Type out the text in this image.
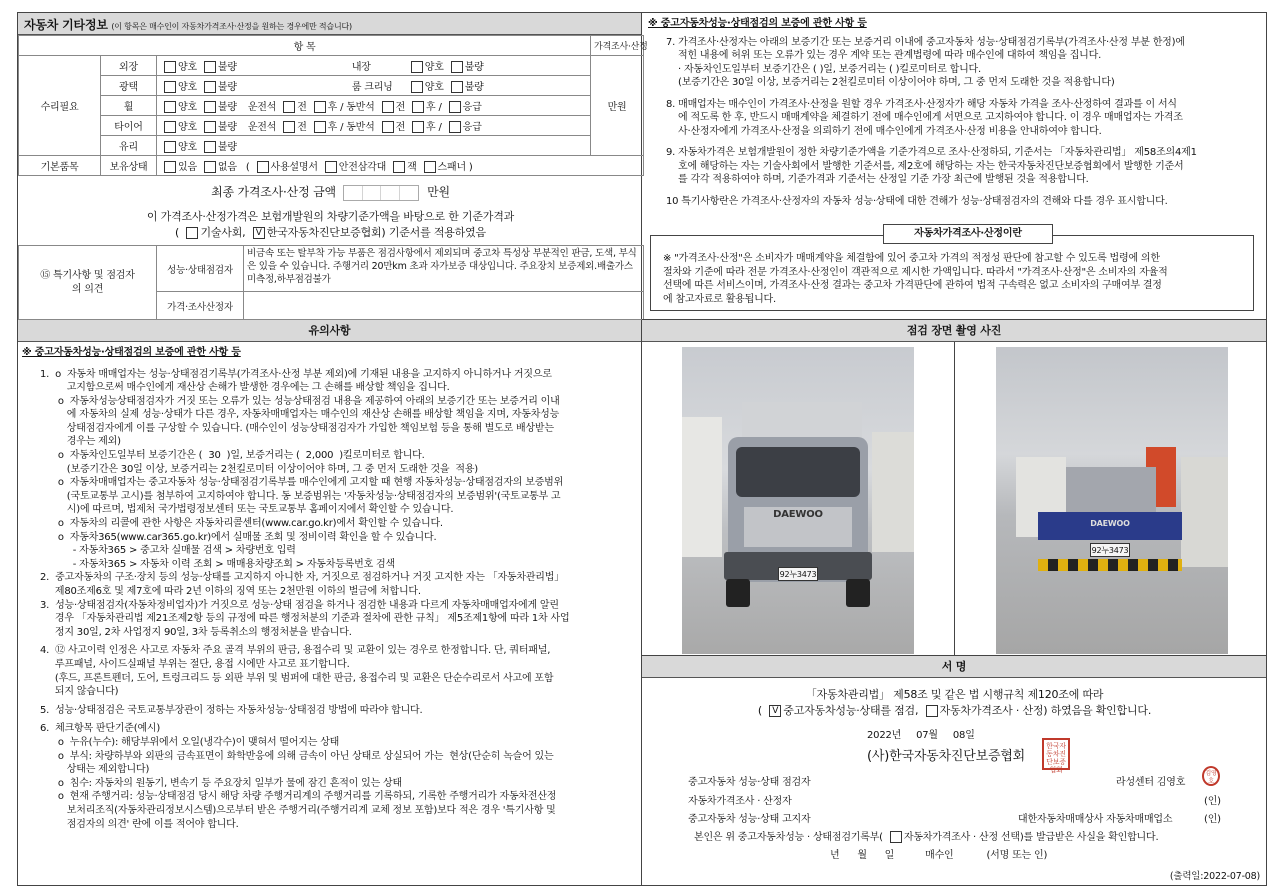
자동차 기타정보 (이 항목은 매수인이 자동차가격조사·산정을 원하는 경우에만 적습니다)
항 목			가격조사·산정
수리필요	외장	양호 불량 내장 양호 불량	만원
	광택	양호 불량 룸 크리닝 양호 불량	
	휠	양호 불량 운전석 전 후 / 동반석 전 후 / 응급	
	타이어	양호 불량 운전석 전 후 / 동반석 전 후 / 응급	
	유리	양호 불량	
기본품목	보유상태	있음 없음 ( 사용설명서 안전삼각대 잭 스패너 )	
최종 가격조사·산정 금액	만원
이 가격조사·산정가격은 보험개발원의 차량기준가액을 바탕으로 한 기준가격과
( 기술사회, V 한국자동차진단보증협회) 기준서를 적용하였음
⑮ 특기사항 및 점검자의 의견	성능·상태점검자	비금속 또는 탈부착 가능 부품은 점검사항에서 제외되며 중고차 특성상 부분적인 판금, 도색, 부식은 있을 수 있습니다. 주행거리 20만km 초과 자가보증 대상입니다. 주요장치 보증제외.배출가스미측정,하부점검불가
	가격·조사산정자	

※ 중고자동차성능·상태점검의 보증에 관한 사항 등

7. 가격조사·산정자는 아래의 보증기간 또는 보증거리 이내에 중고자동차 성능·상태점검기록부(가격조사·산정 부분 한정)에

적힌 내용에 허위 또는 오류가 있는 경우 계약 또는 관계법령에 따라 매수인에 대하여 책임을 집니다.

· 자동차인도일부터 보증기간은 ( )일, 보증거리는 ( )킬로미터로 합니다.

(보증기간은 30일 이상, 보증거리는 2천킬로미터 이상이어야 하며, 그 중 먼저 도래한 것을 적용합니다)

8. 매매업자는 매수인이 가격조사·산정을 원할 경우 가격조사·산정자가 해당 자동차 가격을 조사·산정하여 결과를 이 서식

에 적도록 한 후, 반드시 매매계약을 체결하기 전에 매수인에게 서면으로 고지하여야 합니다. 이 경우 매매업자는 가격조

사·산정자에게 가격조사·산정을 의뢰하기 전에 매수인에게 가격조사·산정 비용을 안내하여야 합니다.

9. 자동차가격은 보험개발원이 정한 차량기준가액을 기준가격으로 조사·산정하되, 기준서는 「자동차관리법」 제58조의4제1

호에 해당하는 자는 기술사회에서 발행한 기준서를, 제2호에 해당하는 자는 한국자동차진단보증협회에서 발행한 기준서

를 각각 적용하여야 하며, 기준가격과 기준서는 산정일 기준 가장 최근에 발행된 것을 적용합니다.

10 특기사항란은 가격조사·산정자의 자동차 성능·상태에 대한 견해가 성능·상태점검자의 견해와 다를 경우 표시합니다.

자동차가격조사·산정이란

※ "가격조사·산정"은 소비자가 매매계약을 체결함에 있어 중고차 가격의 적정성 판단에 참고할 수 있도록 법령에 의한

절차와 기준에 따라 전문 가격조사·산정인이 객관적으로 제시한 가액입니다. 따라서 "가격조사·산정"은 소비자의 자율적

선택에 따른 서비스이며, 가격조사·산정 결과는 중고차 가격판단에 관하여 법적 구속력은 없고 소비자의 구매여부 결정

에 참고자료로 활용됩니다.

유의사항

※ 중고자동차성능·상태점검의 보증에 관한 사항 등

1.  o  자동차 매매업자는 성능·상태점검기록부(가격조사·산정 부분 제외)에 기재된 내용을 고지하지 아니하거나 거짓으로

고지함으로써 매수인에게 재산상 손해가 발생한 경우에는 그 손해를 배상할 책임을 집니다.

o  자동차성능상태점검자가 거짓 또는 오류가 있는 성능상태점검 내용을 제공하여 아래의 보증기간 또는 보증거리 이내

에 자동차의 실제 성능·상태가 다른 경우, 자동차매매업자는 매수인의 재산상 손해를 배상할 책임을 지며, 자동차성능

상태점검자에게 이를 구상할 수 있습니다. (매수인이 성능상태점검자가 가입한 책임보험 등을 통해 별도로 배상받는

경우는 제외)

o  자동차인도일부터 보증기간은 (  30  )일, 보증거리는 (  2,000  )킬로미터로 합니다.

(보증기간은 30일 이상, 보증거리는 2천킬로미터 이상이어야 하며, 그 중 먼저 도래한 것을  적용)

o  자동차매매업자는 중고자동차 성능·상태점검기록부를 매수인에게 고지할 때 현행 자동차성능·상태점검자의 보증범위

(국토교통부 고시)를 첨부하여 고지하여야 합니다. 동 보증범위는 '자동차성능·상태점검자의 보증범위'(국토교통부 고

시)에 따르며, 법제처 국가법령정보센터 또는 국토교통부 홈페이지에서 확인할 수 있습니다.

o  자동차의 리콜에 관한 사항은 자동차리콜센터(www.car.go.kr)에서 확인할 수 있습니다.

o  자동차365(www.car365.go.kr)에서 실매물 조회 및 정비이력 확인을 할 수 있습니다.

- 자동차365 > 중고차 실매물 검색 > 차량번호 입력

- 자동차365 > 자동차 이력 조회 > 매매용차량조회 > 자동차등록번호 검색

2.  중고자동차의 구조·장치 등의 성능·상태를 고지하지 아니한 자, 거짓으로 점검하거나 거짓 고지한 자는 「자동차관리법」

제80조제6호 및 제7호에 따라 2년 이하의 징역 또는 2천만원 이하의 벌금에 처합니다.

3.  성능·상태점검자(자동차정비업자)가 거짓으로 성능·상태 점검을 하거나 점검한 내용과 다르게 자동차매매업자에게 알린

경우 「자동차관리법 제21조제2항 등의 규정에 따른 행정처분의 기준과 절차에 관한 규칙」 제5조제1항에 따라 1차 사업

정지 30일, 2차 사업정지 90일, 3차 등록취소의 행정처분을 받습니다.

4.  ⑫ 사고이력 인정은 사고로 자동차 주요 골격 부위의 판금, 용접수리 및 교환이 있는 경우로 한정합니다. 단, 쿼터패널,

루프패널, 사이드실패널 부위는 절단, 용접 시에만 사고로 표기합니다.

(후드, 프론트펜더, 도어, 트렁크리드 등 외판 부위 및 범퍼에 대한 판금, 용접수리 및 교환은 단순수리로서 사고에 포함

되지 않습니다)

5.  성능·상태점검은 국토교통부장관이 정하는 자동차성능·상태점검 방법에 따라야 합니다.

6.  체크항목 판단기준(예시)

o  누유(누수): 해당부위에서 오일(냉각수)이 맺혀서 떨어지는 상태

o  부식: 차량하부와 외판의 금속표면이 화학반응에 의해 금속이 아닌 상태로 상실되어 가는  현상(단순히 녹슬어 있는

상태는 제외합니다)

o  침수: 자동차의 원동기, 변속기 등 주요장치 일부가 물에 잠긴 흔적이 있는 상태

o  현재 주행거리: 성능·상태점검 당시 해당 차량 주행거리계의 주행거리를 기록하되, 기록한 주행거리가 자동차전산정

보처리조직(자동차관리정보시스템)으로부터 받은 주행거리(주행거리계 교체 정보 포함)보다 적은 경우 '특기사항 및

점검자의 의견' 란에 이를 적어야 합니다.

점검 장면 촬영 사진
DAEWOO
92누3473
DAEWOO
92누3473
서 명
「자동차관리법」 제58조 및 같은 법 시행규칙 제120조에 따라
( V 중고자동차성능·상태를 점검, 자동차가격조사 · 산정) 하였음을 확인합니다.
2022년 07월 08일
(사)한국자동차진단보증협회
한국자동차진단보증협회
중고자동차 성능·상태 점검자	라성센터 김영호
김영호
자동차가격조사 · 산정자	(인)
중고자동차 성능·상태 고지자	대한자동차매매상사 자동차매매업소	(인)
본인은 위 중고자동차성능 · 상태점검기록부( 자동차가격조사 · 산정 선택)를 발급받은 사실을 확인합니다.
년      월      일	매수인	(서명 또는 인)
(출력일:2022-07-08)
